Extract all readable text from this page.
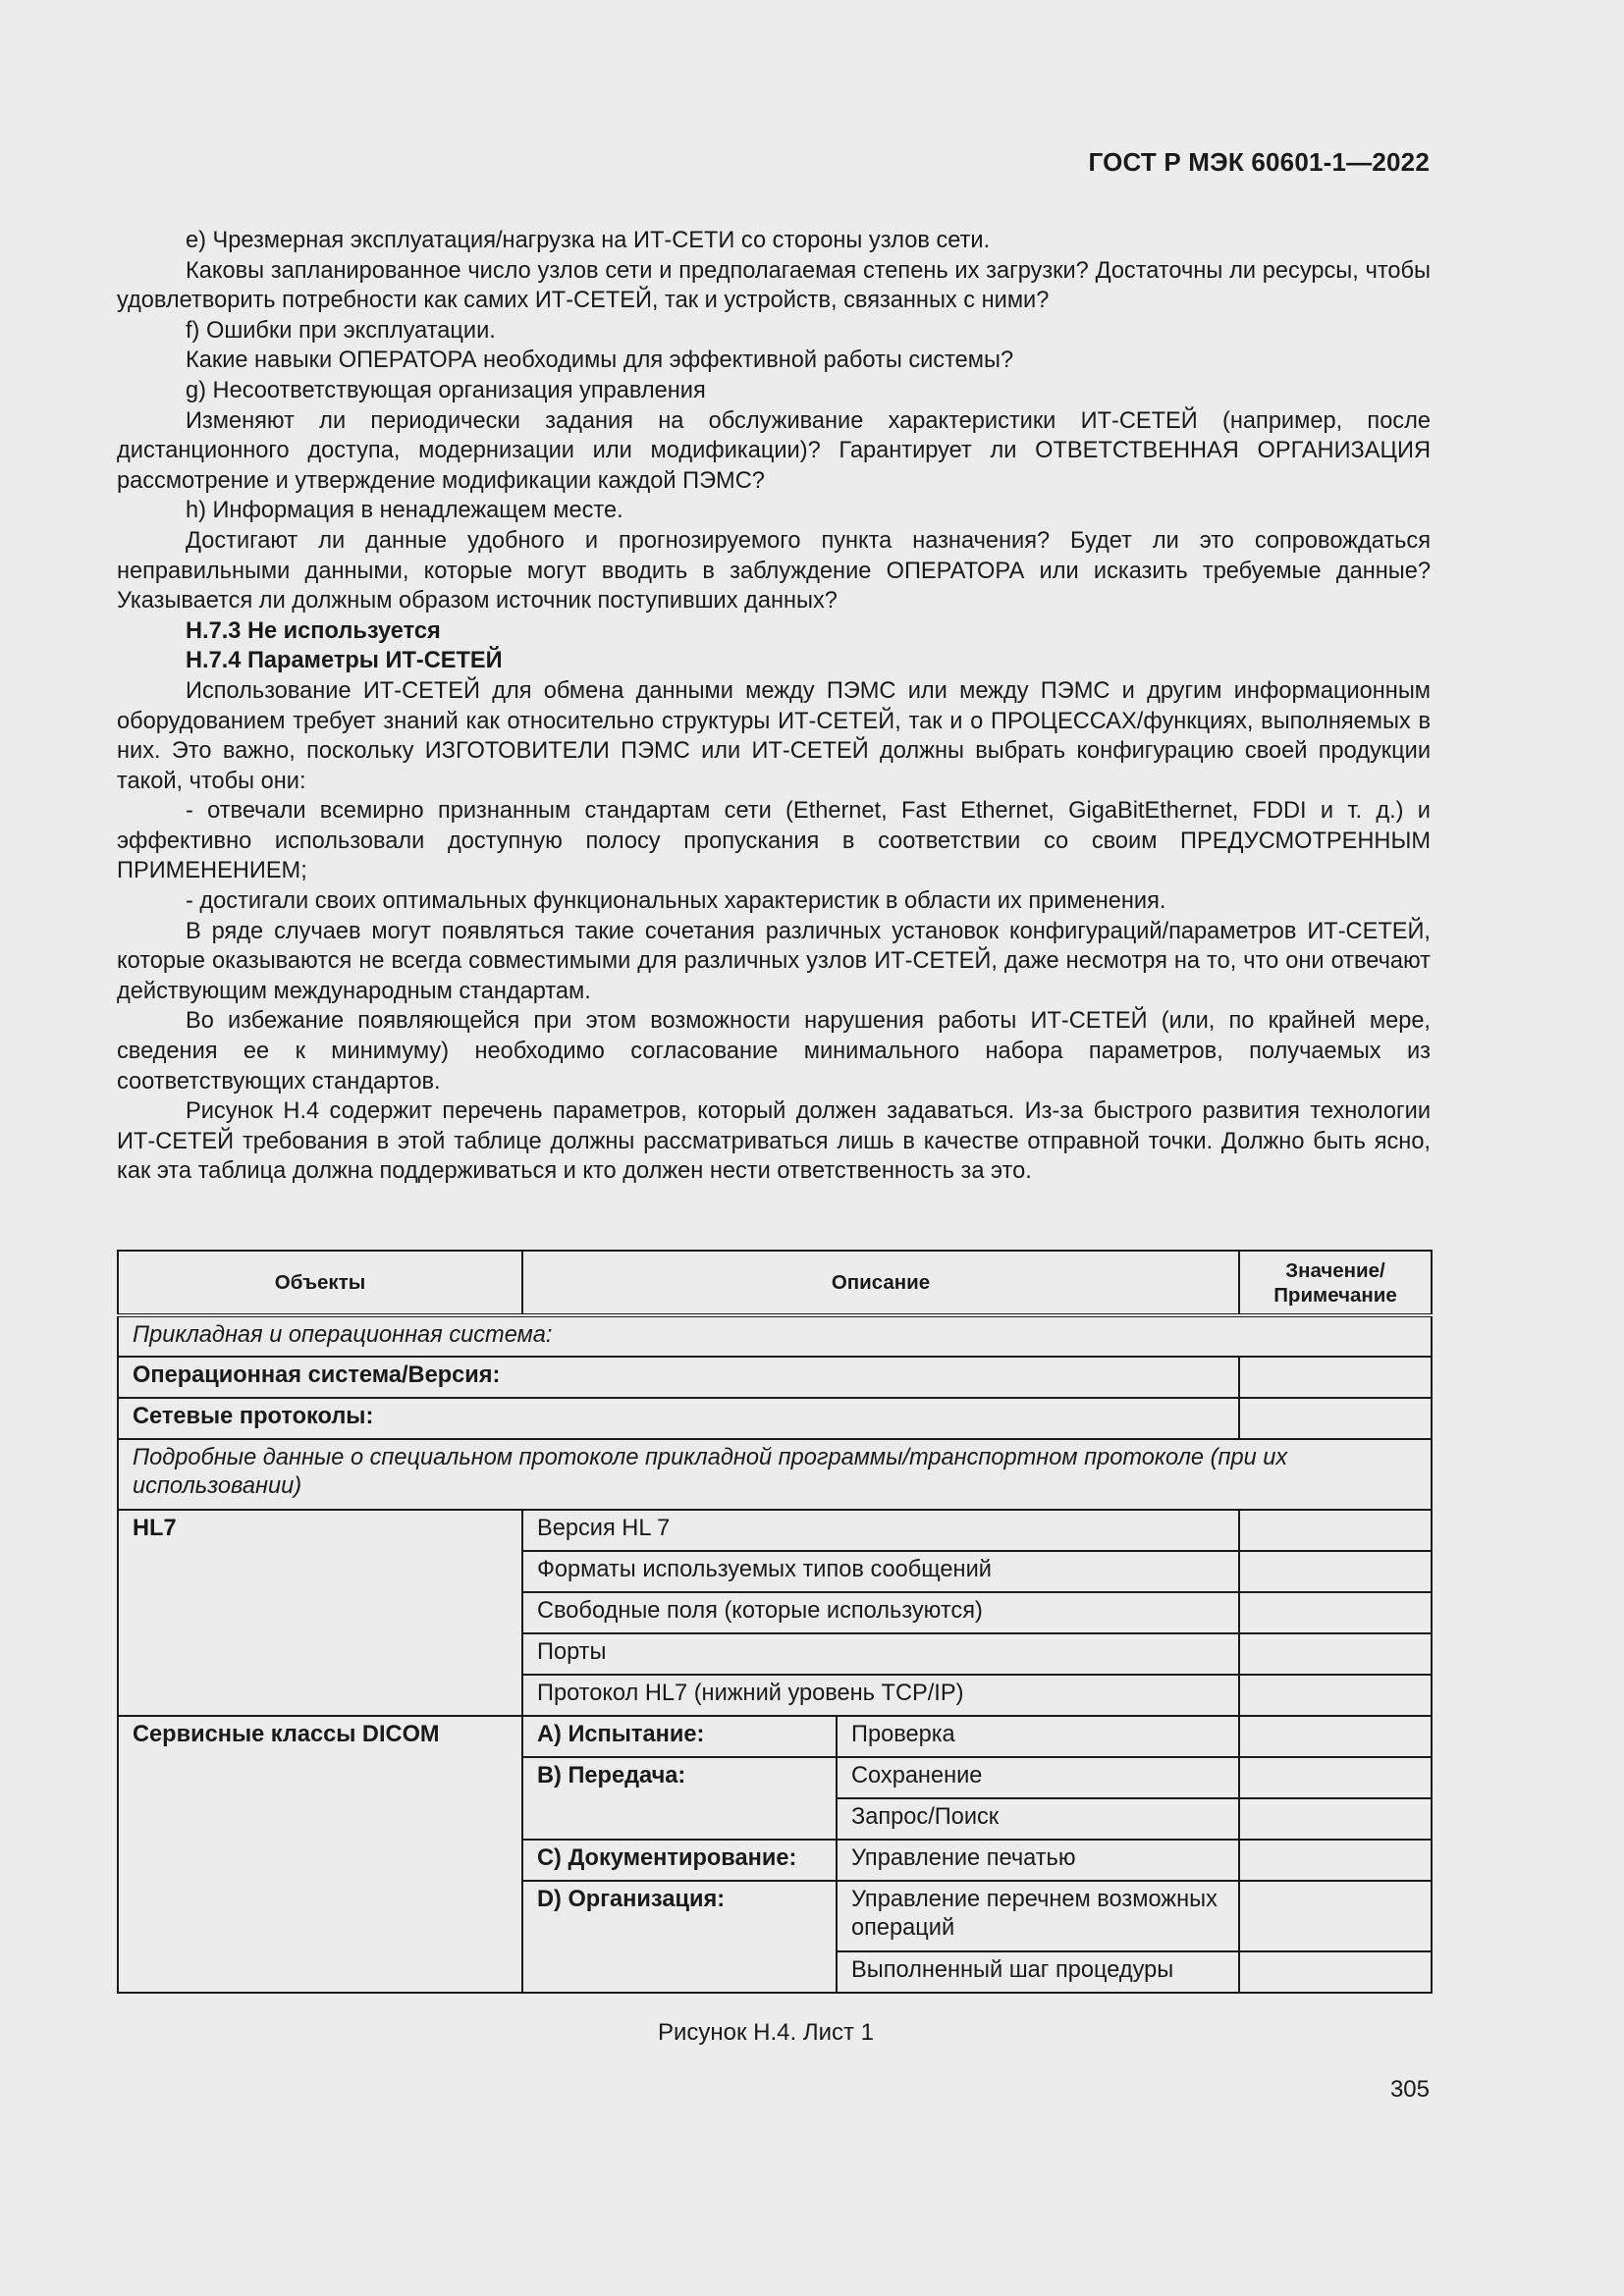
ГОСТ Р МЭК 60601-1—2022

е) Чрезмерная эксплуатация/нагрузка на ИТ-СЕТИ со стороны узлов сети.

Каковы запланированное число узлов сети и предполагаемая степень их загрузки? Достаточны ли ресурсы, чтобы удовлетворить потребности как самих ИТ-СЕТЕЙ, так и устройств, связанных с ними?

f) Ошибки при эксплуатации.

Какие навыки ОПЕРАТОРА необходимы для эффективной работы системы?

g) Несоответствующая организация управления

Изменяют ли периодически задания на обслуживание характеристики ИТ-СЕТЕЙ (например, после дистанционного доступа, модернизации или модификации)? Гарантирует ли ОТВЕТСТВЕННАЯ ОРГАНИЗАЦИЯ рассмотрение и утверждение модификации каждой ПЭМС?

h) Информация в ненадлежащем месте.

Достигают ли данные удобного и прогнозируемого пункта назначения? Будет ли это сопровождаться неправильными данными, которые могут вводить в заблуждение ОПЕРАТОРА или исказить требуемые данные? Указывается ли должным образом источник поступивших данных?

Н.7.3 Не используется

Н.7.4 Параметры ИТ-СЕТЕЙ

Использование ИТ-СЕТЕЙ для обмена данными между ПЭМС или между ПЭМС и другим информационным оборудованием требует знаний как относительно структуры ИТ-СЕТЕЙ, так и о ПРОЦЕССАХ/функциях, выполняемых в них. Это важно, поскольку ИЗГОТОВИТЕЛИ ПЭМС или ИТ-СЕТЕЙ должны выбрать конфигурацию своей продукции такой, чтобы они:

- отвечали всемирно признанным стандартам сети (Ethernet, Fast Ethernet, GigaBitEthernet, FDDI и т. д.) и эффективно использовали доступную полосу пропускания в соответствии со своим ПРЕДУСМОТРЕННЫМ ПРИМЕНЕНИЕМ;

- достигали своих оптимальных функциональных характеристик в области их применения.

В ряде случаев могут появляться такие сочетания различных установок конфигураций/параметров ИТ-СЕТЕЙ, которые оказываются не всегда совместимыми для различных узлов ИТ-СЕТЕЙ, даже несмотря на то, что они отвечают действующим международным стандартам.

Во избежание появляющейся при этом возможности нарушения работы ИТ-СЕТЕЙ (или, по крайней мере, сведения ее к минимуму) необходимо согласование минимального набора параметров, получаемых из соответствующих стандартов.

Рисунок Н.4 содержит перечень параметров, который должен задаваться. Из-за быстрого развития технологии ИТ-СЕТЕЙ требования в этой таблице должны рассматриваться лишь в качестве отправной точки. Должно быть ясно, как эта таблица должна поддерживаться и кто должен нести ответственность за это.

Объекты	Описание		Значение/ Примечание
Прикладная и операционная система:			
Операционная система/Версия:			
Сетевые протоколы:			
Подробные данные о специальном протоколе прикладной программы/транспортном протоколе (при их использовании)			
HL7	Версия HL 7		
	Форматы используемых типов сообщений		
	Свободные поля (которые используются)		
	Порты		
	Протокол HL7 (нижний уровень TCP/IP)		
Сервисные классы DICOM	A) Испытание:	Проверка	
	B) Передача:	Сохранение	
		Запрос/Поиск	
	C) Документирование:	Управление печатью	
	D) Организация:	Управление перечнем возможных операций	
		Выполненный шаг процедуры	
Рисунок Н.4. Лист 1
305
